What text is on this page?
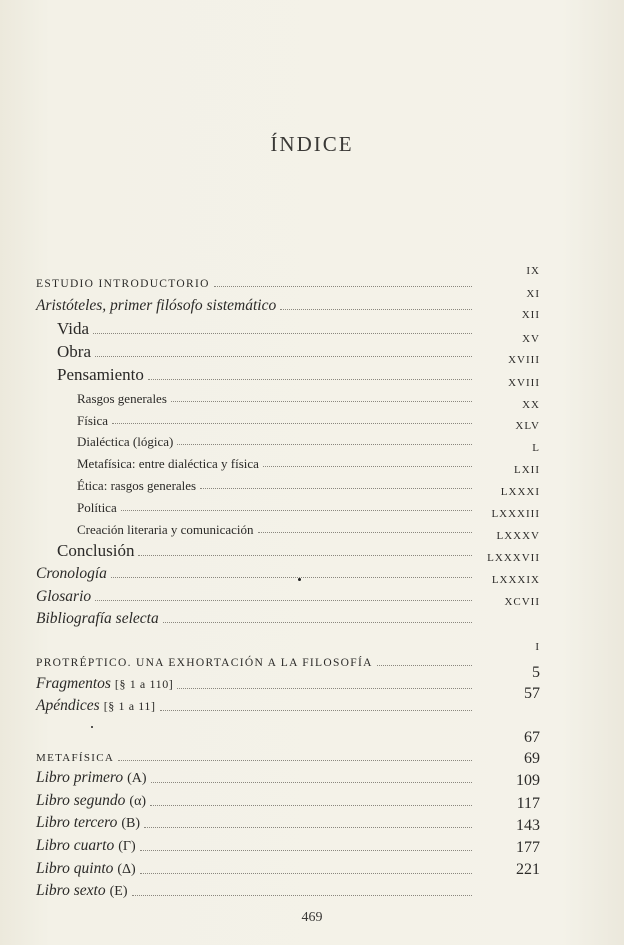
ÍNDICE
ESTUDIO INTRODUCTORIO
IX
Aristóteles, primer filósofo sistemático
XI
Vida
XII
Obra
XV
Pensamiento
XVIII
Rasgos generales
XVIII
Física
XX
Dialéctica (lógica)
XLV
Metafísica: entre dialéctica y física
L
Ética: rasgos generales
LXII
Política
LXXXI
Creación literaria y comunicación
LXXXIII
Conclusión
LXXXV
Cronología
LXXXVII
Glosario
LXXXIX
Bibliografía selecta
XCVII
PROTRÉPTICO. UNA EXHORTACIÓN A LA FILOSOFÍA
I
Fragmentos [§ 1 a 110]
5
Apéndices [§ 1 a 11]
57
METAFÍSICA
67
Libro primero (A)
69
Libro segundo (α)
109
Libro tercero (B)
117
Libro cuarto (Γ)
143
Libro quinto (Δ)
177
Libro sexto (E)
221
469
